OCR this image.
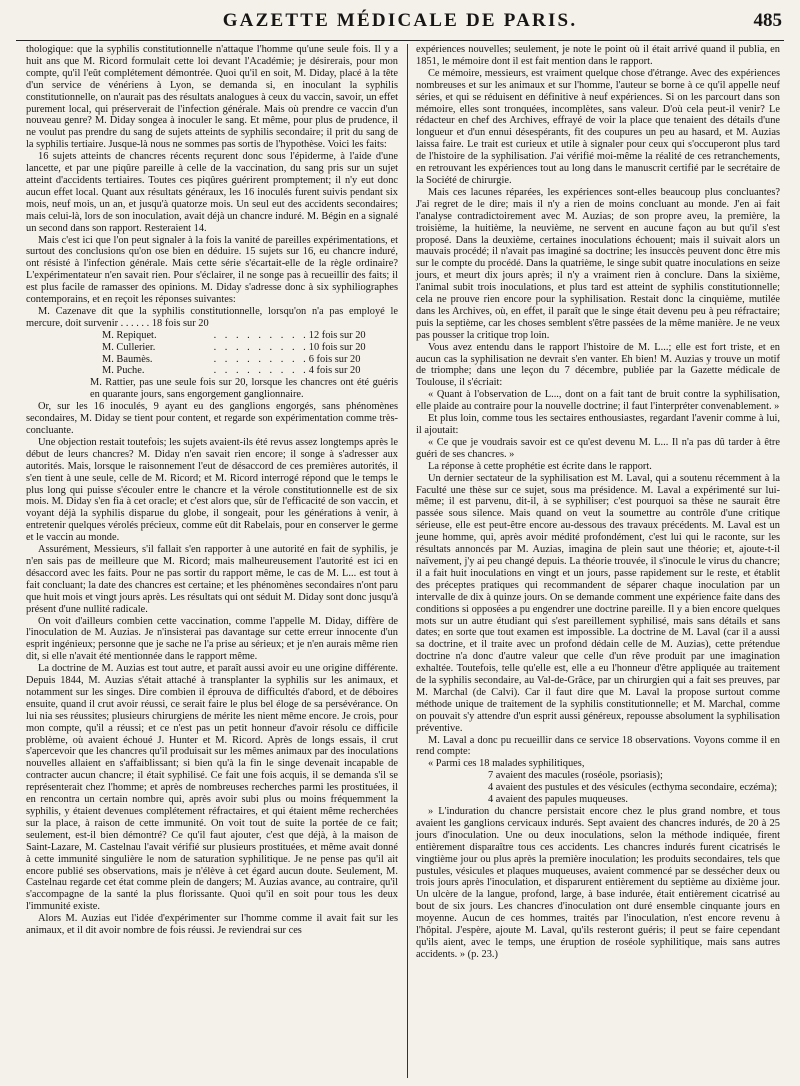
GAZETTE MÉDICALE DE PARIS.	485

thologique: que la syphilis constitutionnelle n'attaque l'homme qu'une seule fois. Il y a huit ans que M. Ricord formulait cette loi devant l'Académie; je désirerais, pour mon compte, qu'il l'eût complétement démontrée. Quoi qu'il en soit, M. Diday, placé à la tête d'un service de vénériens à Lyon, se demanda si, en inoculant la syphilis constitutionnelle, on n'aurait pas des résultats analogues à ceux du vaccin, savoir, un effet purement local, qui préserverait de l'infection générale. Mais où prendre ce vaccin d'un nouveau genre? M. Diday songea à inoculer le sang. Et même, pour plus de prudence, il ne voulut pas prendre du sang de sujets atteints de syphilis secondaire; il prit du sang de la syphilis tertiaire. Jusque-là nous ne sommes pas sortis de l'hypothèse. Voici les faits:

16 sujets atteints de chancres récents reçurent donc sous l'épiderme, à l'aide d'une lancette, et par une piqûre pareille à celle de la vaccination, du sang pris sur un sujet atteint d'accidents tertiaires. Toutes ces piqûres guérirent promptement; il n'y eut donc aucun effet local. Quant aux résultats généraux, les 16 inoculés furent suivis pendant six mois, neuf mois, un an, et jusqu'à quatorze mois. Un seul eut des accidents secondaires; mais celui-là, lors de son inoculation, avait déjà un chancre induré. M. Bégin en a signalé un second dans son rapport. Resteraient 14.

Mais c'est ici que l'on peut signaler à la fois la vanité de pareilles expérimentations, et surtout des conclusions qu'on ose bien en déduire. 15 sujets sur 16, eu chancre induré, ont résisté à l'infection générale. Mais cette série s'écartait-elle de la règle ordinaire? L'expérimentateur n'en savait rien. Pour s'éclairer, il ne songe pas à recueillir des faits; il est plus facile de ramasser des opinions. M. Diday s'adresse donc à six syphiliographes contemporains, et en reçoit les réponses suivantes:

M. Cazenave dit que la syphilis constitutionnelle, lorsqu'on n'a pas employé le mercure, doit survenir . . . . . . 18 fois sur 20

M. Repiquet.	. . . . . . . . . 12 fois sur 20
M. Cullerier.	. . . . . . . . . 10 fois sur 20
M. Baumès.	. . . . . . . . . 6 fois sur 20
M. Puche.	. . . . . . . . . 4 fois sur 20

M. Rattier, pas une seule fois sur 20, lorsque les chancres ont été guéris en quarante jours, sans engorgement ganglionnaire.

Or, sur les 16 inoculés, 9 ayant eu des ganglions engorgés, sans phénomènes secondaires, M. Diday se tient pour content, et regarde son expérimentation comme très-concluante.

Une objection restait toutefois; les sujets avaient-ils été revus assez longtemps après le début de leurs chancres? M. Diday n'en savait rien encore; il songe à s'adresser aux autorités. Mais, lorsque le raisonnement l'eut de désaccord de ces premières autorités, il s'en tient à une seule, celle de M. Ricord; et M. Ricord interrogé répond que le temps le plus long qui puisse s'écouler entre le chancre et la vérole constitutionnelle est de six mois. M. Diday s'en fia à cet oracle; et c'est alors que, sûr de l'efficacité de son vaccin, et voyant déjà la syphilis disparue du globe, il songeait, pour les générations à venir, à entretenir quelques vérolés précieux, comme eût dit Rabelais, pour en conserver le germe et le vaccin au monde.

Assurément, Messieurs, s'il fallait s'en rapporter à une autorité en fait de syphilis, je n'en sais pas de meilleure que M. Ricord; mais malheureusement l'autorité est ici en désaccord avec les faits. Pour ne pas sortir du rapport même, le cas de M. L... est tout à fait concluant; la date des chancres est certaine; et les phénomènes secondaires n'ont paru que huit mois et vingt jours après. Les résultats qui ont séduit M. Diday sont donc jusqu'à présent d'une nullité radicale.

On voit d'ailleurs combien cette vaccination, comme l'appelle M. Diday, diffère de l'inoculation de M. Auzias. Je n'insisterai pas davantage sur cette erreur innocente d'un esprit ingénieux; personne que je sache ne l'a prise au sérieux; et je n'en aurais même rien dit, si elle n'avait été mentionnée dans le rapport même.

La doctrine de M. Auzias est tout autre, et paraît aussi avoir eu une origine différente. Depuis 1844, M. Auzias s'était attaché à transplanter la syphilis sur les animaux, et notamment sur les singes. Dire combien il éprouva de difficultés d'abord, et de déboires ensuite, quand il crut avoir réussi, ce serait faire le plus bel éloge de sa persévérance. On lui nia ses réussites; plusieurs chirurgiens de mérite les nient même encore. Je crois, pour mon compte, qu'il a réussi; et ce n'est pas un petit honneur d'avoir résolu ce difficile problème, où avaient échoué J. Hunter et M. Ricord. Après de longs essais, il crut s'apercevoir que les chancres qu'il produisait sur les mêmes animaux par des inoculations nouvelles allaient en s'affaiblissant; si bien qu'à la fin le singe devenait incapable de contracter aucun chancre; il était syphilisé. Ce fait une fois acquis, il se demanda s'il se représenterait chez l'homme; et après de nombreuses recherches parmi les prostituées, il en rencontra un certain nombre qui, après avoir subi plus ou moins fréquemment la syphilis, y étaient devenues complétement réfractaires, et qui étaient même recherchées sur la place, à raison de cette immunité. On voit tout de suite la portée de ce fait; seulement, est-il bien démontré? Ce qu'il faut ajouter, c'est que déjà, à la maison de Saint-Lazare, M. Castelnau l'avait vérifié sur plusieurs prostituées, et même avait donné à cette immunité singulière le nom de saturation syphilitique. Je ne pense pas qu'il ait encore publié ses observations, mais je n'élève à cet égard aucun doute. Seulement, M. Castelnau regarde cet état comme plein de dangers; M. Auzias avance, au contraire, qu'il s'accompagne de la santé la plus florissante. Quoi qu'il en soit pour tous les deux l'immunité existe.

Alors M. Auzias eut l'idée d'expérimenter sur l'homme comme il avait fait sur les animaux, et il dit avoir nombre de fois réussi. Je reviendrai sur ces

expériences nouvelles; seulement, je note le point où il était arrivé quand il publia, en 1851, le mémoire dont il est fait mention dans le rapport.

Ce mémoire, messieurs, est vraiment quelque chose d'étrange. Avec des expériences nombreuses et sur les animaux et sur l'homme, l'auteur se borne à ce qu'il appelle neuf séries, et qui se réduisent en définitive à neuf expériences. Si on les parcourt dans son mémoire, elles sont tronquées, incomplètes, sans valeur. D'où cela peut-il venir? Le rédacteur en chef des Archives, effrayé de voir la place que tenaient des détails d'une longueur et d'un ennui désespérants, fit des coupures un peu au hasard, et M. Auzias laissa faire. Le trait est curieux et utile à signaler pour ceux qui s'occuperont plus tard de l'histoire de la syphilisation. J'ai vérifié moi-même la réalité de ces retranchements, en retrouvant les expériences tout au long dans le manuscrit certifié par le secrétaire de la Société de chirurgie.

Mais ces lacunes réparées, les expériences sont-elles beaucoup plus concluantes? J'ai regret de le dire; mais il n'y a rien de moins concluant au monde. J'en ai fait l'analyse contradictoirement avec M. Auzias; de son propre aveu, la première, la troisième, la huitième, la neuvième, ne servent en aucune façon au but qu'il s'est proposé. Dans la deuxième, certaines inoculations échouent; mais il suivait alors un mauvais procédé; il n'avait pas imaginé sa doctrine; les insuccès peuvent donc être mis sur le compte du procédé. Dans la quatrième, le singe subit quatre inoculations en seize jours, et meurt dix jours après; il n'y a vraiment rien à conclure. Dans la sixième, l'animal subit trois inoculations, et plus tard est atteint de syphilis constitutionnelle; cela ne prouve rien encore pour la syphilisation. Restait donc la cinquième, mutilée dans les Archives, où, en effet, il paraît que le singe était devenu peu à peu réfractaire; puis la septième, car les choses semblent s'être passées de la même manière. Je ne veux pas pousser la critique trop loin.

Vous avez entendu dans le rapport l'histoire de M. L...; elle est fort triste, et en aucun cas la syphilisation ne devrait s'en vanter. Eh bien! M. Auzias y trouve un motif de triomphe; dans une leçon du 7 décembre, publiée par la Gazette médicale de Toulouse, il s'écriait:

« Quant à l'observation de L..., dont on a fait tant de bruit contre la syphilisation, elle plaide au contraire pour la nouvelle doctrine; il faut l'interpréter convenablement. »

Et plus loin, comme tous les sectaires enthousiastes, regardant l'avenir comme à lui, il ajoutait:

« Ce que je voudrais savoir est ce qu'est devenu M. L... Il n'a pas dû tarder à être guéri de ses chancres. »

La réponse à cette prophétie est écrite dans le rapport.

Un dernier sectateur de la syphilisation est M. Laval, qui a soutenu récemment à la Faculté une thèse sur ce sujet, sous ma présidence. M. Laval a expérimenté sur lui-même; il est parvenu, dit-il, à se syphiliser; c'est pourquoi sa thèse ne saurait être passée sous silence. Mais quand on veut la soumettre au contrôle d'une critique sérieuse, elle est peut-être encore au-dessous des travaux précédents. M. Laval est un jeune homme, qui, après avoir médité profondément, c'est lui qui le raconte, sur les résultats annoncés par M. Auzias, imagina de plein saut une théorie; et, ajoute-t-il naïvement, j'y ai peu changé depuis. La théorie trouvée, il s'inocule le virus du chancre; il a fait huit inoculations en vingt et un jours, passe rapidement sur le reste, et établit des préceptes pratiques qui recommandent de séparer chaque inoculation par un intervalle de dix à quinze jours. On se demande comment une expérience faite dans des conditions si opposées a pu engendrer une doctrine pareille. Il y a bien encore quelques mots sur un autre étudiant qui s'est pareillement syphilisé, mais sans détails et sans dates; en sorte que tout examen est impossible. La doctrine de M. Laval (car il a aussi sa doctrine, et il traite avec un profond dédain celle de M. Auzias), cette prétendue doctrine n'a donc d'autre valeur que celle d'un rêve produit par une imagination exhaltée. Toutefois, telle qu'elle est, elle a eu l'honneur d'être appliquée au traitement de la syphilis secondaire, au Val-de-Grâce, par un chirurgien qui a fait ses preuves, par M. Marchal (de Calvi). Car il faut dire que M. Laval la propose surtout comme méthode unique de traitement de la syphilis constitutionnelle; et M. Marchal, comme on pouvait s'y attendre d'un esprit aussi généreux, repousse absolument la syphilisation préventive.

M. Laval a donc pu recueillir dans ce service 18 observations. Voyons comme il en rend compte:

« Parmi ces 18 malades syphilitiques,

7 avaient des macules (roséole, psoriasis);

4 avaient des pustules et des vésicules (ecthyma secondaire, eczéma);

4 avaient des papules muqueuses.

» L'induration du chancre persistait encore chez le plus grand nombre, et tous avaient les ganglions cervicaux indurés. Sept avaient des chancres indurés, de 20 à 25 jours d'inoculation. Une ou deux inoculations, selon la méthode indiquée, firent entièrement disparaître tous ces accidents. Les chancres indurés furent cicatrisés le vingtième jour ou plus après la première inoculation; les produits secondaires, tels que pustules, vésicules et plaques muqueuses, avaient commencé par se dessécher deux ou trois jours après l'inoculation, et disparurent entièrement du septième au dixième jour. Un ulcère de la langue, profond, large, à base indurée, était entièrement cicatrisé au bout de six jours. Les chancres d'inoculation ont duré ensemble cinquante jours en moyenne. Aucun de ces hommes, traités par l'inoculation, n'est encore revenu à l'hôpital. J'espère, ajoute M. Laval, qu'ils resteront guéris; il peut se faire cependant qu'ils aient, avec le temps, une éruption de roséole syphilitique, mais sans autres accidents. » (p. 23.)
